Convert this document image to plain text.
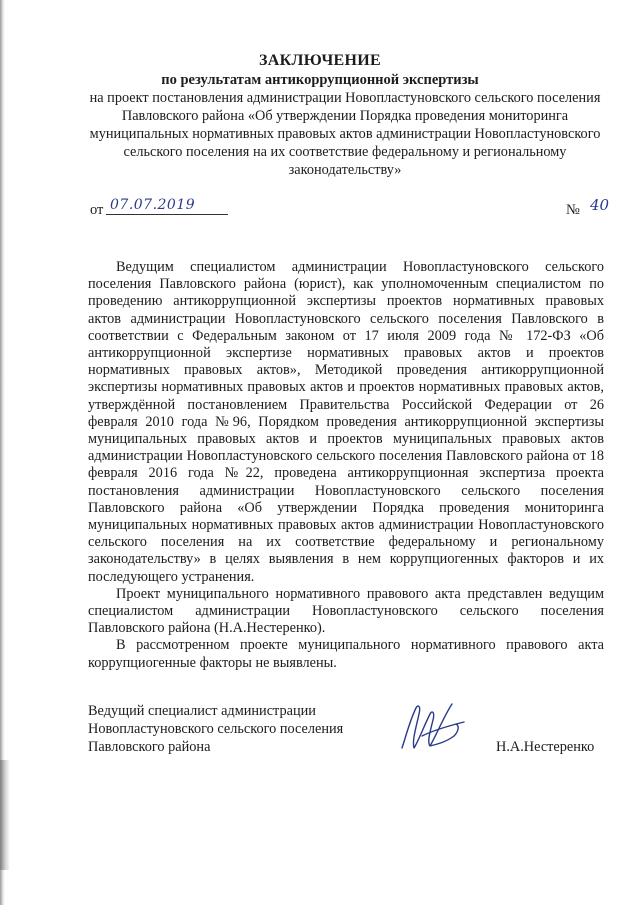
ЗАКЛЮЧЕНИЕ
по результатам антикоррупционной экспертизы
на проект постановления администрации Новопластуновского сельского поселения Павловского района «Об утверждении Порядка проведения мониторинга муниципальных нормативных правовых актов администрации Новопластуновского сельского поселения на их соответствие федеральному и региональному законодательству»
от 07.07.2019	№ 40

Ведущим специалистом администрации Новопластуновского сельского поселения Павловского района (юрист), как уполномоченным специалистом по проведению антикоррупционной экспертизы проектов нормативных правовых актов администрации Новопластуновского сельского поселения Павловского в соответствии с Федеральным законом от 17 июля 2009 года № 172-ФЗ «Об антикоррупционной экспертизе нормативных правовых актов и проектов нормативных правовых актов», Методикой проведения антикоррупционной экспертизы нормативных правовых актов и проектов нормативных правовых актов, утверждённой постановлением Правительства Российской Федерации от 26 февраля 2010 года №96, Порядком проведения антикоррупционной экспертизы муниципальных правовых актов и проектов муниципальных правовых актов администрации Новопластуновского сельского поселения Павловского района от 18 февраля 2016 года №22, проведена антикоррупционная экспертиза проекта постановления администрации Новопластуновского сельского поселения Павловского района «Об утверждении Порядка проведения мониторинга муниципальных нормативных правовых актов администрации Новопластуновского сельского поселения на их соответствие федеральному и региональному законодательству» в целях выявления в нем коррупциогенных факторов и их последующего устранения.

Проект муниципального нормативного правового акта представлен ведущим специалистом администрации Новопластуновского сельского поселения Павловского района (Н.А.Нестеренко).

В рассмотренном проекте муниципального нормативного правового акта коррупциогенные факторы не выявлены.

Ведущий специалист администрации
Новопластуновского сельского поселения
Павловского района	Н.А.Нестеренко
